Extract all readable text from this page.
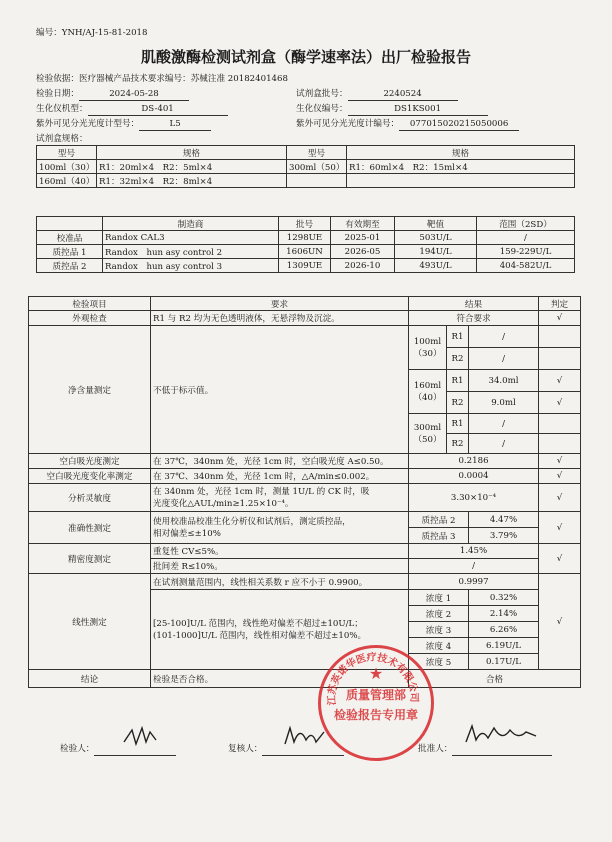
编号：YNH/AJ-15-81-2018
肌酸激酶检测试剂盒（酶学速率法）出厂检验报告
检验依据：医疗器械产品技术要求编号：苏械注准 20182401468
检验日期：	2024-05-28	试剂盒批号：	2240524
生化仪机型：	DS-401	生化仪编号：	DS1KS001
紫外可见分光光度计型号：	L5	紫外可见分光光度计编号： 077015020215050006
试剂盒规格：
型号	规格	型号	规格
100ml（30）	R1：20ml×4　R2：5ml×4	300ml（50）	R1：60ml×4　R2：15ml×4
160ml（40）	R1：32ml×4　R2：8ml×4		
	制造商	批号	有效期至	靶值	范围（2SD）
校准品	Randox CAL3	1298UE	2025-01	503U/L	/
质控品 1	Randox　hun asy control 2	1606UN	2026-05	194U/L	159-229U/L
质控品 2	Randox　hun asy control 3	1309UE	2026-10	493U/L	404-582U/L
检验项目	要求	结果			判定
外观检查	R1 与 R2 均为无色透明液体，无悬浮物及沉淀。	符合要求			√
净含量测定	不低于标示值。	100ml
（30）	R1	/	
			R2	/	
		160ml
（40）	R1	34.0ml	√
			R2	9.0ml	√
		300ml
（50）	R1	/	
			R2	/	
空白吸光度测定	在 37℃，340nm 处，光径 1cm 时，空白吸光度 A≤0.50。	0.2186			√
空白吸光度变化率测定	在 37℃、340nm 处，光径 1cm 时，△A/min≤0.002。	0.0004			√
分析灵敏度	在 340nm 处，光径 1cm 时，测量 1U/L 的 CK 时，吸
光度变化△AUL/min≥1.25×10⁻⁴。	3.30×10⁻⁴			√
准确性测定	使用校准品校准生化分析仪和试剂后，测定质控品，
相对偏差≤±10%	质控品 2		4.47%	√
		质控品 3		3.79%	
精密度测定	重复性 CV≤5%。	1.45%			√
	批间差 R≤10%。	/			
线性测定	在试剂测量范围内，线性相关系数 r 应不小于 0.9900。	0.9997			√
	[25-100]U/L 范围内，线性绝对偏差不超过±10U/L；
(101-1000]U/L 范围内，线性相对偏差不超过±10%。	浓度 1		0.32%	
		浓度 2		2.14%	
		浓度 3		6.26%	
		浓度 4		6.19U/L	
		浓度 5		0.17U/L	
结论	检验是否合格。	合格			
江苏英诺华医疗技术有限公司
★
质量管理部
检验报告专用章
检验人：	复核人：	批准人：
